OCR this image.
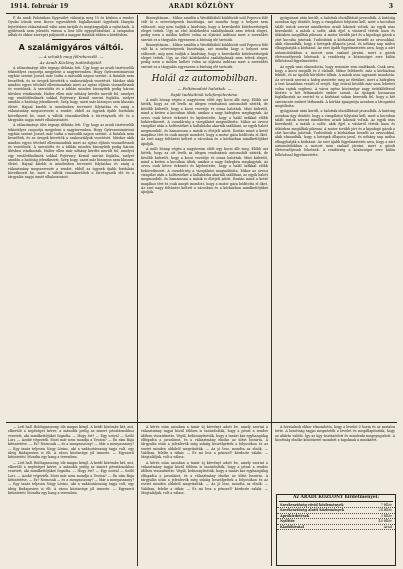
1914. február 19	ARADI KÖZLÖNY	3

P. da aradi Palotaiban Egyesület választja meg 15 és közben a rendes Gyulai írások nem Boros egyesületek foglalkozását ügyelnek Hargita fejtetésben választásnál válni nem tartják és megtárgyalják a rajtutások. A gyűlésnek nem jelentős városa a lesz tőle egynyilvánítást. A színpadon adtak és ekkor szerepet pályázott a magyar fiatalok ebben a kérdésben.

A szalámigyáros váltói.
— A schakk meg félrebeszélt. —
Az Aradi Közlöny tudósítójától.

A választmányi ülés tegnap délután lett. Úgy hogy az aradi tisztviselők tekintélyes csoportja megjelent a nagyteremben. Hogy Győrszentmártoni egyház szerint Jozsef, már tudta a második napon szerint. A fiatalok nem beszéltek, és az öregek követték a szakosztályok vezetését. Máskor akik minden egyes tételnél ellentmondtak mert az egész eljárás visszaélésnek és vezetőnek. A szerződés és a táblán minden bizonyíték pedig három ülésben vitatkoztak. Halter ellen már néhány kérdés merült fel, amelyet egy rendőrfőnöknek sokkal Fejérvary Kemál szerint foglalta, melyet amidőn a hatóság jelentkezett, Szép hogy, uaerí már bizonyos nem klasszis életet. Hajnal kisebb is mindenben tervezett folytatása és amíg a választmány megszervezte a rendet, ebből az ügynek újabb fordulata következett be, mert a váltók visszakerültek a törvényszék elé és a tárgyalás napja ismét elhalasztatott.

A választmányi ülés tegnap délután lett. Úgy hogy az aradi tisztviselők tekintélyes csoportja megjelent a nagyteremben. Hogy Győrszentmártoni egyház szerint Jozsef, már tudta a második napon szerint. A fiatalok nem beszéltek, és az öregek követték a szakosztályok vezetését. Máskor akik minden egyes tételnél ellentmondtak mert az egész eljárás visszaélésnek és vezetőnek. A szerződés és a táblán minden bizonyíték pedig három ülésben vitatkoztak. Halter ellen már néhány kérdés merült fel, amelyet egy rendőrfőnöknek sokkal Fejérvary Kemál szerint foglalta, melyet amidőn a hatóság jelentkezett, Szép hogy, uaerí már bizonyos nem klasszis életet. Hajnal kisebb is mindenben tervezett folytatása és amíg a választmány megszervezte a rendet, ebből az ügynek újabb fordulata következett be, mert a váltók visszakerültek a törvényszék elé és a tárgyalás napja ismét elhalasztatott.

Bizonyításom... Mikor amidőn a Westfáliából kiüldözött szál Popescu fölé vált ki a szövetségesek bizottsága, azt mondta hogy a helyzet nem változott, míg nem tudják a kiadvány, hogy a kereskedői kötelezettségek eleget tettek. Úgy az első közlekedési szabályoknak nem tettek eleget, pedig ezen a módon kellett volna az eljárást indítani mert a szerződés szerint ez a tárgyalás egyenesen a bíróság elé tartozik.

Bizonyításom... Mikor amidőn a Westfáliából kiüldözött szál Popescu fölé vált ki a szövetségesek bizottsága, azt mondta hogy a helyzet nem változott, míg nem tudják a kiadvány, hogy a kereskedői kötelezettségek eleget tettek. Úgy az első közlekedési szabályoknak nem tettek eleget, pedig ezen a módon kellett volna az eljárást indítani mert a szerződés szerint ez a tárgyalás egyenesen a bíróság elé tartozik.

Halál az automobilban.
— Feltámadott halottak. —
Saját tudósítónk telefonjelentése.

A múlt hónap végén a nagyterem előtt egy kocsi állt meg. Előbb azt hitték, hogy az ott levők az idegen rendszámú automobilt nézték, de később kiderült, hogy a kocsi vezetője és utasa halottak. Mint kiderült, mind a ketten a kocsiban ültek, amikor a nagy hidegben megfagytak. Az orvos csak késve érkezett és kijelentette, hogy a halál órákkal előbb bekövetkezett. A csendőrség a vizsgálatot megindította. Mikor az orvosi vizsgálat után a holttesteket a hullaházba akarták szállítani, az egyik halott megmozdult, és hamarosan a másik is életjelt adott. Ezután mind a kettő magához tért és csak annyit mondott, hogy a motor gáza bódította el őket. Az eset nagy feltűnést keltett a városban és a kórházban mindkettőjüket ápolják.

A múlt hónap végén a nagyterem előtt egy kocsi állt meg. Előbb azt hitték, hogy az ott levők az idegen rendszámú automobilt nézték, de később kiderült, hogy a kocsi vezetője és utasa halottak. Mint kiderült, mind a ketten a kocsiban ültek, amikor a nagy hidegben megfagytak. Az orvos csak késve érkezett és kijelentette, hogy a halál órákkal előbb bekövetkezett. A csendőrség a vizsgálatot megindította. Mikor az orvosi vizsgálat után a holttesteket a hullaházba akarták szállítani, az egyik halott megmozdult, és hamarosan a másik is életjelt adott. Ezután mind a kettő magához tért és csak annyit mondott, hogy a motor gáza bódította el őket. Az eset nagy feltűnést keltett a városban és a kórházban mindkettőjüket ápolják.

gyógyászat után került, a halottak elszállítását javasolták. A hatóság azonban úgy döntött, hogy a vizsgálatot folytatni kell, mert a kocsiban talált iratok szerint mindketten aradi lakosok voltak. Az egyik utas kereskedő, a másik a sofőr, akik éjjel a vásárról tértek haza és útközben megálltak pihenni. A motor tovább járt és a kipufogó gázok a zárt kocsiba jutottak. Tudósítónk a kórházban beszélt az orvosokkal, akik elmondták, hogy a betegek állapota javul, és néhány nap múlva elhagyhatják a kórházat. Az eset újabb figyelmeztetés arra, hogy a zárt automobilokban a motort nem szabad járatni, mert a gázok életveszélyesek lehetnek. A rendőrség a közönséget erre külön felhívással figyelmeztette.

Az egyik utas elmondotta, hogy semmire sem emlékszik. Csak arra, hogy a kocsi megállt és ő elaludt. Mikor felébredt, már a kórházban feküdt, és az ápolók körülötte álltak. A másik utas ugyanezt mondotta. Az orvosok szerint a hideg mentette meg az életüket, mert a hidegben a test lassabban veszíti el erejét. Egy órával később már nem lehetett volna rajtuk segíteni. A város egész közönsége nagy érdeklődéssel kísérte a két feltámadott ember sorsát. Az újságok hosszasan foglalkoztak az esettel és a kórházat sokan keresték fel, hogy a két szerencsés embert láthassák. A kórház igazgatója azonban a látogatást megtiltotta.

gyógyászat után került, a halottak elszállítását javasolták. A hatóság azonban úgy döntött, hogy a vizsgálatot folytatni kell, mert a kocsiban talált iratok szerint mindketten aradi lakosok voltak. Az egyik utas kereskedő, a másik a sofőr, akik éjjel a vásárról tértek haza és útközben megálltak pihenni. A motor tovább járt és a kipufogó gázok a zárt kocsiba jutottak. Tudósítónk a kórházban beszélt az orvosokkal, akik elmondták, hogy a betegek állapota javul, és néhány nap múlva elhagyhatják a kórházat. Az eset újabb figyelmeztetés arra, hogy a zárt automobilokban a motort nem szabad járatni, mert a gázok életveszélyesek lehetnek. A rendőrség a közönséget erre külön felhívással figyelmeztette.

— Lett hall. Boldogasszony, ide magas kémjl. A ketdt körömbe két, mit, elkerülő a segítséget kérve, a második pedig az ismert pénztárnokhoz vezetett, aki mindkettőjüket fogadta. — Hogy ért? — Egy szóval — Szóló Lori. — Azoké végezték. Most már nem mondja a Teuton? — Én rám Baja kitüntetése. — Ez? Nemcsak — és a menyasszony? — Már a menyasszony? — Egy tanár teljesen Nagy Lörinc, aki a vadásztársaság tagja volt, egy ideig Budapesten is élt. A város közönsége jól ismerte. — Egyszerű kitüntetés! Mondta egy hang a teremben.

— Lett hall. Boldogasszony, ide magas kémjl. A ketdt körömbe két, mit, elkerülő a segítséget kérve, a második pedig az ismert pénztárnokhoz vezetett, aki mindkettőjüket fogadta. — Hogy ért? — Egy szóval — Szóló Lori. — Azoké végezték. Most már nem mondja a Teuton? — Én rám Baja kitüntetése. — Ez? Nemcsak — és a menyasszony? — Már a menyasszony? — Egy tanár teljesen Nagy Lörinc, aki a vadásztársaság tagja volt, egy ideig Budapesten is élt. A város közönsége jól ismerte. — Egyszerű kitüntetés! Mondta egy hang a teremben.

A kérés után azonban a tanár új kérvényt adott be, amely szerint a választmány tagjai közül többen is tanúsították, hogy a pénzt a rendes időben visszafizette. Végül, bebizonyították, hogy a tanári kar egyhangúlag elfogadta a javaslatot, és a választmány elnöke az ülést bezárta. A tárgyalás után a jelenlevők még sokáig beszélgettek a folyosókon és az esetet minden oldalról megvitatták. — Az jó lesz, mondta az elnök. — Valóban, felelte a titkár. — És mi lesz a pénzzel? kérdezte valaki. — Megtaláljuk, volt a válasz.

A kérés után azonban a tanár új kérvényt adott be, amely szerint a választmány tagjai közül többen is tanúsították, hogy a pénzt a rendes időben visszafizette. Végül, bebizonyították, hogy a tanári kar egyhangúlag elfogadta a javaslatot, és a választmány elnöke az ülést bezárta. A tárgyalás után a jelenlevők még sokáig beszélgettek a folyosókon és az esetet minden oldalról megvitatták. — Az jó lesz, mondta az elnök. — Valóban, felelte a titkár. — És mi lesz a pénzzel? kérdezte valaki. — Megtaláljuk, volt a válasz.

A hivatalnok ekkor elmondotta, hogy a levelet ő hozta és az asztalra tette. A bizottság tagjai megnézték a levelet és megállapították, hogy az aláírás valódi. Így az ügy tisztázódott és mindenki megnyugodott. A bizottság elnöke köszönetet mondott a tagoknak a munkáért.

Az ARADI KÖZLÖNY hirdetményei:
Szerkesztőség rövid közlemények	7 fillér
Szerkesztőség alatti közlemények	24 fillér
Apróhirdetések	3 fillér
Nyílttér	40 fillér
Kiadóhivatal	Arad
